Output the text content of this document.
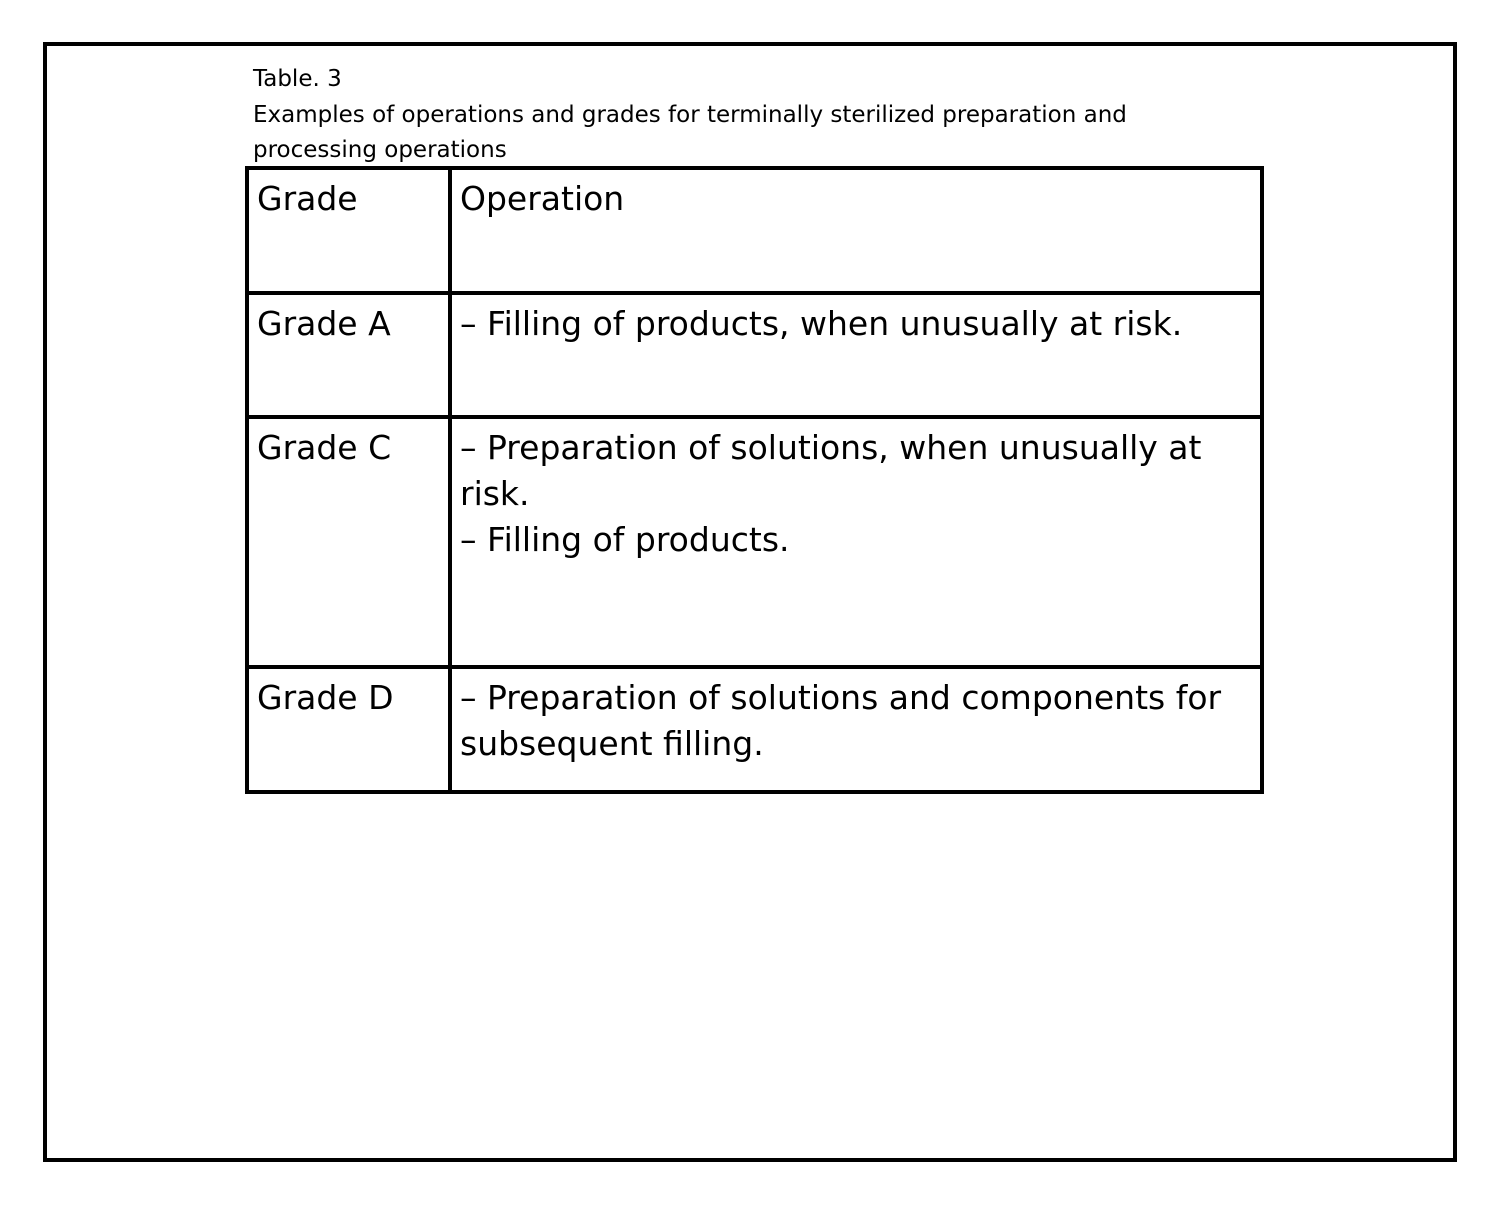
Table. 3
Examples of operations and grades for terminally sterilized preparation and
processing operations
Grade	Operation
Grade A	– Filling of products, when unusually at risk.

Grade C	– Preparation of solutions, when unusually at risk.
– Filling of products.

Grade D	– Preparation of solutions and components for subsequent filling.
